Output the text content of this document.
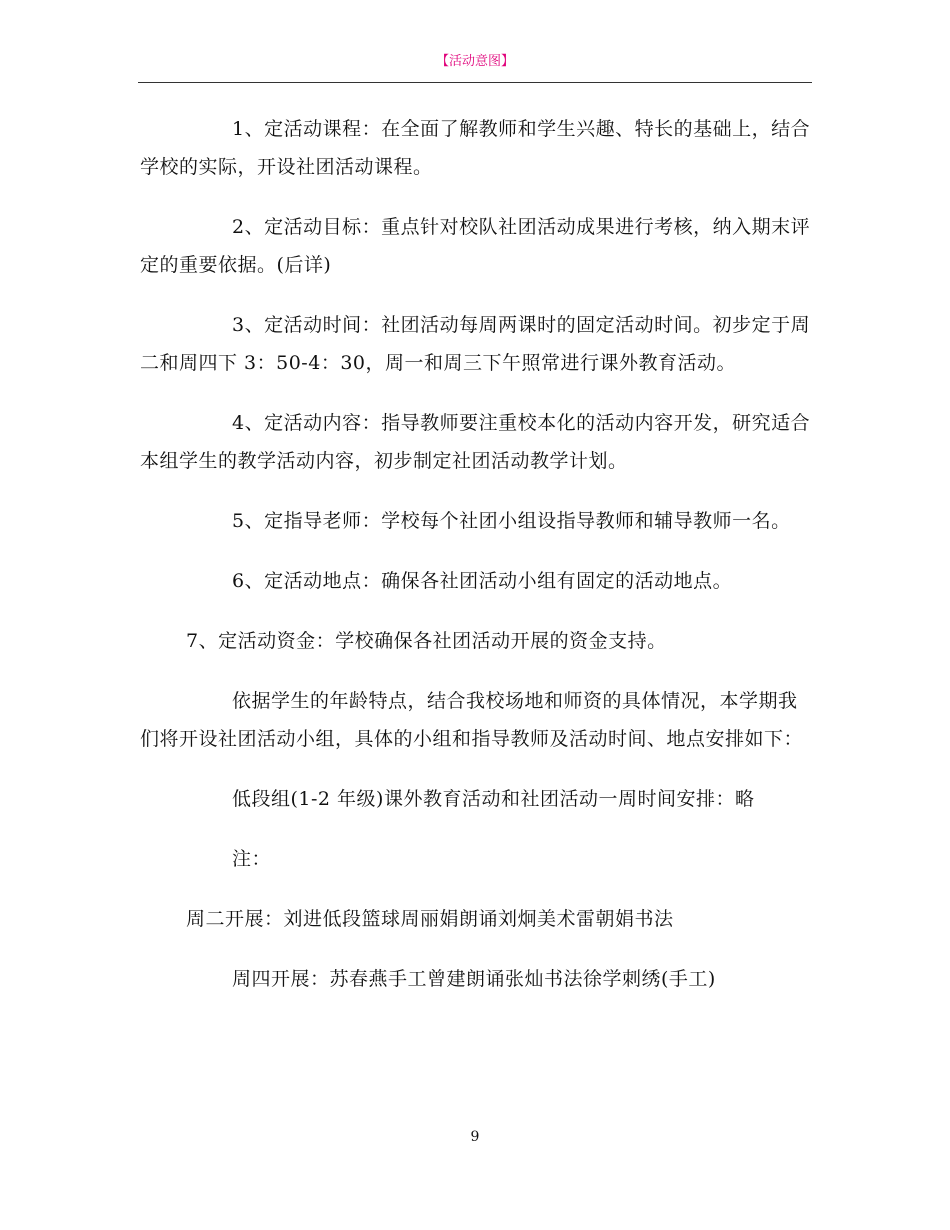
【活动意图】

1、定活动课程：在全面了解教师和学生兴趣、特长的基础上，结合学校的实际，开设社团活动课程。

2、定活动目标：重点针对校队社团活动成果进行考核，纳入期末评定的重要依据。(后详)

3、定活动时间：社团活动每周两课时的固定活动时间。初步定于周二和周四下 3：50-4：30，周一和周三下午照常进行课外教育活动。

4、定活动内容：指导教师要注重校本化的活动内容开发，研究适合本组学生的教学活动内容，初步制定社团活动教学计划。

5、定指导老师：学校每个社团小组设指导教师和辅导教师一名。

6、定活动地点：确保各社团活动小组有固定的活动地点。

7、定活动资金：学校确保各社团活动开展的资金支持。

依据学生的年龄特点，结合我校场地和师资的具体情况，本学期我们将开设社团活动小组，具体的小组和指导教师及活动时间、地点安排如下：

低段组(1-2 年级)课外教育活动和社团活动一周时间安排：略

注：

周二开展：刘进低段篮球周丽娟朗诵刘炯美术雷朝娟书法

周四开展：苏春燕手工曾建朗诵张灿书法徐学刺绣(手工)

9
